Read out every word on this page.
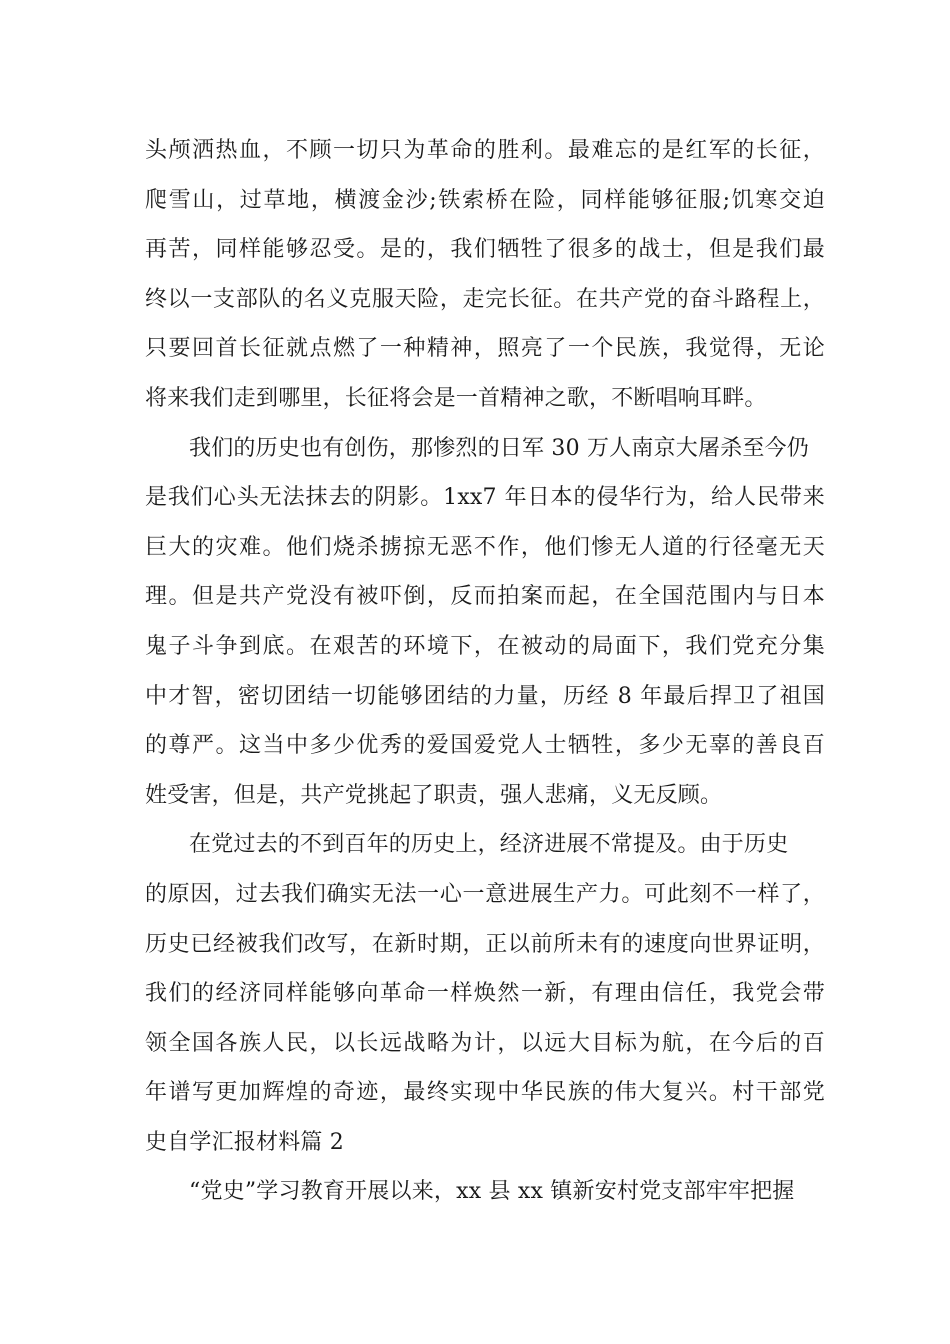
头颅洒热血，不顾一切只为革命的胜利。最难忘的是红军的长征，
爬雪山，过草地，横渡金沙;铁索桥在险，同样能够征服;饥寒交迫
再苦，同样能够忍受。是的，我们牺牲了很多的战士，但是我们最
终以一支部队的名义克服天险，走完长征。在共产党的奋斗路程上，
只要回首长征就点燃了一种精神，照亮了一个民族，我觉得，无论
将来我们走到哪里，长征将会是一首精神之歌，不断唱响耳畔。
我们的历史也有创伤，那惨烈的日军 30 万人南京大屠杀至今仍
是我们心头无法抹去的阴影。1xx7 年日本的侵华行为，给人民带来
巨大的灾难。他们烧杀掳掠无恶不作，他们惨无人道的行径毫无天
理。但是共产党没有被吓倒，反而拍案而起，在全国范围内与日本
鬼子斗争到底。在艰苦的环境下，在被动的局面下，我们党充分集
中才智，密切团结一切能够团结的力量，历经 8 年最后捍卫了祖国
的尊严。这当中多少优秀的爱国爱党人士牺牲，多少无辜的善良百
姓受害，但是，共产党挑起了职责，强人悲痛，义无反顾。
在党过去的不到百年的历史上，经济进展不常提及。由于历史
的原因，过去我们确实无法一心一意进展生产力。可此刻不一样了，
历史已经被我们改写，在新时期，正以前所未有的速度向世界证明，
我们的经济同样能够向革命一样焕然一新，有理由信任，我党会带
领全国各族人民，以长远战略为计，以远大目标为航，在今后的百
年谱写更加辉煌的奇迹，最终实现中华民族的伟大复兴。村干部党
史自学汇报材料篇 2
“党史”学习教育开展以来，xx 县 xx 镇新安村党支部牢牢把握
